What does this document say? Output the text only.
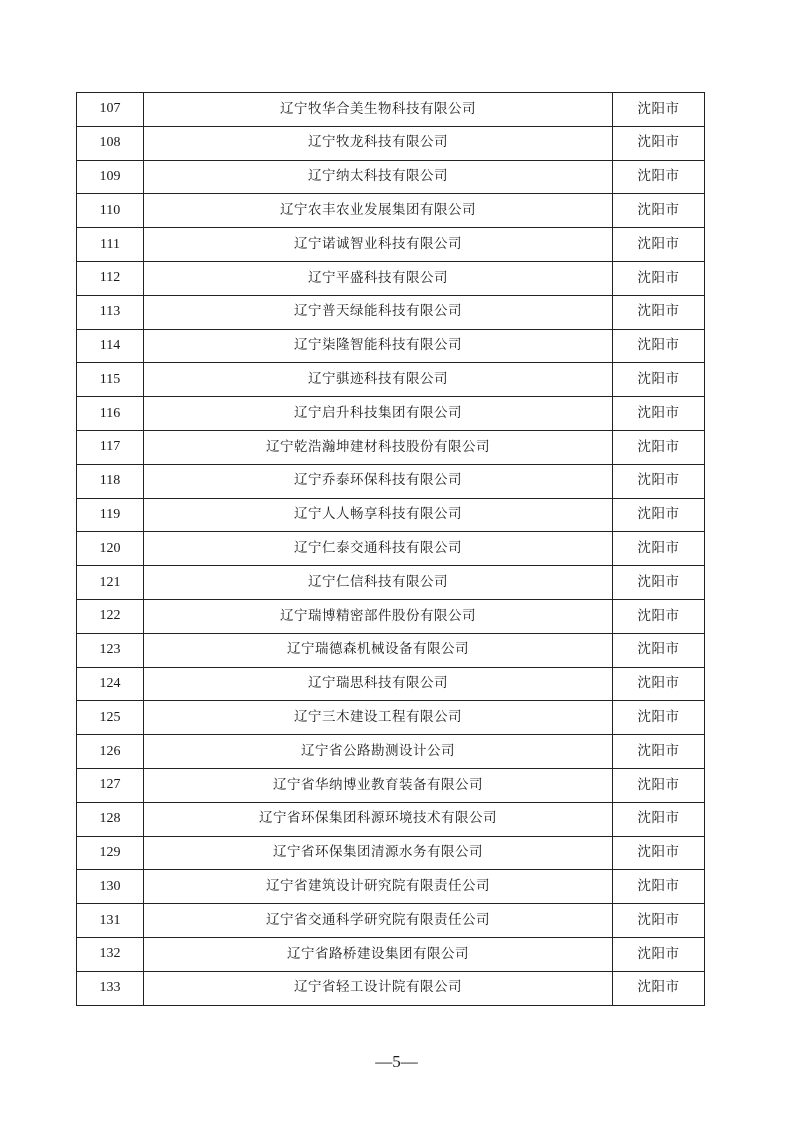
107	辽宁牧华合美生物科技有限公司	沈阳市
108	辽宁牧龙科技有限公司	沈阳市
109	辽宁纳太科技有限公司	沈阳市
110	辽宁农丰农业发展集团有限公司	沈阳市
111	辽宁诺诚智业科技有限公司	沈阳市
112	辽宁平盛科技有限公司	沈阳市
113	辽宁普天绿能科技有限公司	沈阳市
114	辽宁柒隆智能科技有限公司	沈阳市
115	辽宁骐迹科技有限公司	沈阳市
116	辽宁启升科技集团有限公司	沈阳市
117	辽宁乾浩瀚坤建材科技股份有限公司	沈阳市
118	辽宁乔泰环保科技有限公司	沈阳市
119	辽宁人人畅享科技有限公司	沈阳市
120	辽宁仁泰交通科技有限公司	沈阳市
121	辽宁仁信科技有限公司	沈阳市
122	辽宁瑞博精密部件股份有限公司	沈阳市
123	辽宁瑞德森机械设备有限公司	沈阳市
124	辽宁瑞思科技有限公司	沈阳市
125	辽宁三木建设工程有限公司	沈阳市
126	辽宁省公路勘测设计公司	沈阳市
127	辽宁省华纳博业教育装备有限公司	沈阳市
128	辽宁省环保集团科源环境技术有限公司	沈阳市
129	辽宁省环保集团清源水务有限公司	沈阳市
130	辽宁省建筑设计研究院有限责任公司	沈阳市
131	辽宁省交通科学研究院有限责任公司	沈阳市
132	辽宁省路桥建设集团有限公司	沈阳市
133	辽宁省轻工设计院有限公司	沈阳市
—5—
